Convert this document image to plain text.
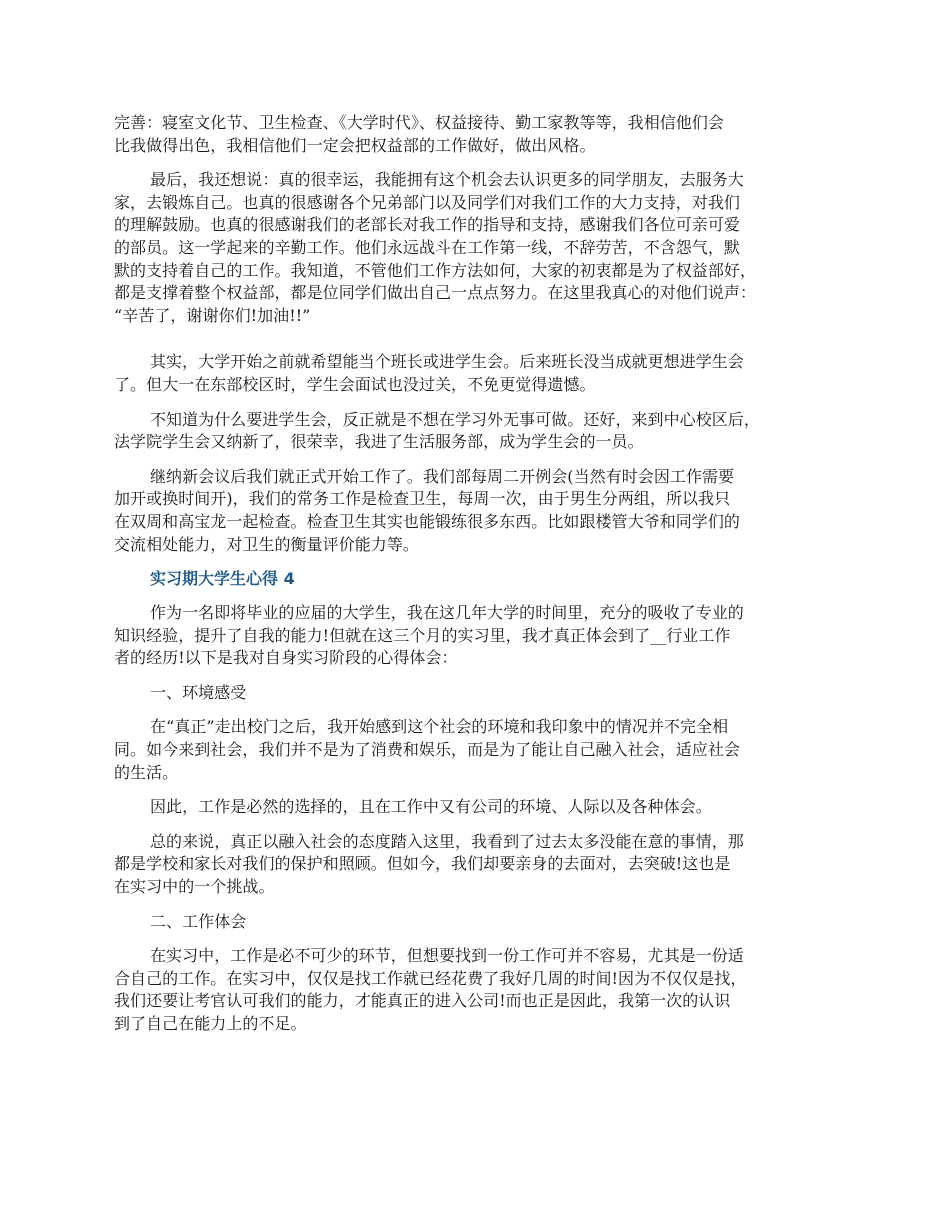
完善：寝室文化节、卫生检查、《大学时代》、权益接待、勤工家教等等，我相信他们会

比我做得出色，我相信他们一定会把权益部的工作做好，做出风格。

最后，我还想说：真的很幸运，我能拥有这个机会去认识更多的同学朋友，去服务大

家，去锻炼自己。也真的很感谢各个兄弟部门以及同学们对我们工作的大力支持，对我们

的理解鼓励。也真的很感谢我们的老部长对我工作的指导和支持，感谢我们各位可亲可爱

的部员。这一学起来的辛勤工作。他们永远战斗在工作第一线，不辞劳苦，不含怨气，默

默的支持着自己的工作。我知道，不管他们工作方法如何，大家的初衷都是为了权益部好，

都是支撑着整个权益部，都是位同学们做出自己一点点努力。在这里我真心的对他们说声：

“辛苦了，谢谢你们!加油!!”

其实，大学开始之前就希望能当个班长或进学生会。后来班长没当成就更想进学生会

了。但大一在东部校区时，学生会面试也没过关，不免更觉得遗憾。

不知道为什么要进学生会，反正就是不想在学习外无事可做。还好，来到中心校区后，

法学院学生会又纳新了，很荣幸，我进了生活服务部，成为学生会的一员。

继纳新会议后我们就正式开始工作了。我们部每周二开例会(当然有时会因工作需要

加开或换时间开)，我们的常务工作是检查卫生，每周一次，由于男生分两组，所以我只

在双周和高宝龙一起检查。检查卫生其实也能锻练很多东西。比如跟楼管大爷和同学们的

交流相处能力，对卫生的衡量评价能力等。

实习期大学生心得 4

作为一名即将毕业的应届的大学生，我在这几年大学的时间里，充分的吸收了专业的

知识经验，提升了自我的能力!但就在这三个月的实习里，我才真正体会到了__行业工作

者的经历!以下是我对自身实习阶段的心得体会：

一、环境感受

在“真正”走出校门之后，我开始感到这个社会的环境和我印象中的情况并不完全相

同。如今来到社会，我们并不是为了消费和娱乐，而是为了能让自己融入社会，适应社会

的生活。

因此，工作是必然的选择的，且在工作中又有公司的环境、人际以及各种体会。

总的来说，真正以融入社会的态度踏入这里，我看到了过去太多没能在意的事情，那

都是学校和家长对我们的保护和照顾。但如今，我们却要亲身的去面对，去突破!这也是

在实习中的一个挑战。

二、工作体会

在实习中，工作是必不可少的环节，但想要找到一份工作可并不容易，尤其是一份适

合自己的工作。在实习中，仅仅是找工作就已经花费了我好几周的时间!因为不仅仅是找，

我们还要让考官认可我们的能力，才能真正的进入公司!而也正是因此，我第一次的认识

到了自己在能力上的不足。
